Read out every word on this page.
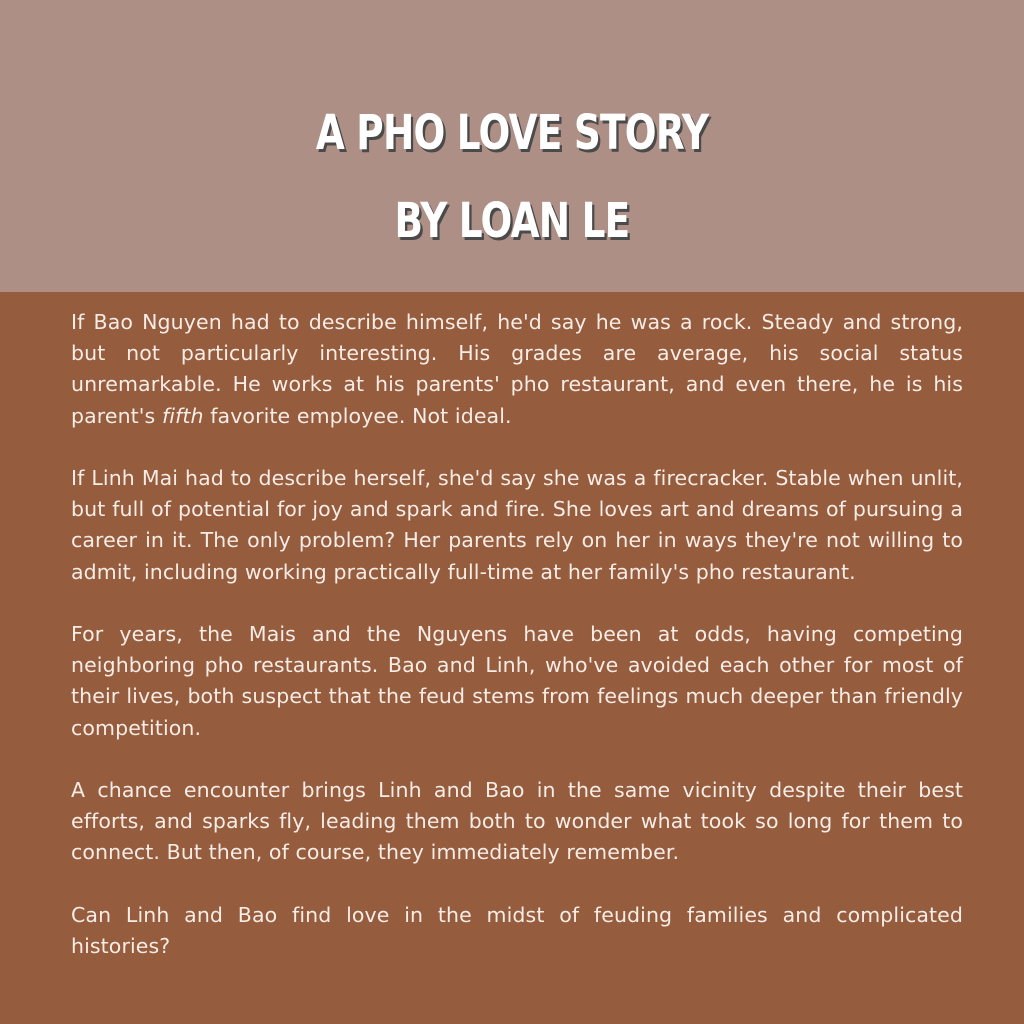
A PHO LOVE STORY
BY LOAN LE

If Bao Nguyen had to describe himself, he'd say he was a rock. Steady and strong, but not particularly interesting. His grades are average, his social status unremarkable. He works at his parents' pho restaurant, and even there, he is his parent's fifth favorite employee. Not ideal.

If Linh Mai had to describe herself, she'd say she was a firecracker. Stable when unlit, but full of potential for joy and spark and fire. She loves art and dreams of pursuing a career in it. The only problem? Her parents rely on her in ways they're not willing to admit, including working practically full-time at her family's pho restaurant.

For years, the Mais and the Nguyens have been at odds, having competing neighboring pho restaurants. Bao and Linh, who've avoided each other for most of their lives, both suspect that the feud stems from feelings much deeper than friendly competition.

A chance encounter brings Linh and Bao in the same vicinity despite their best efforts, and sparks fly, leading them both to wonder what took so long for them to connect. But then, of course, they immediately remember.

Can Linh and Bao find love in the midst of feuding families and complicated histories?
